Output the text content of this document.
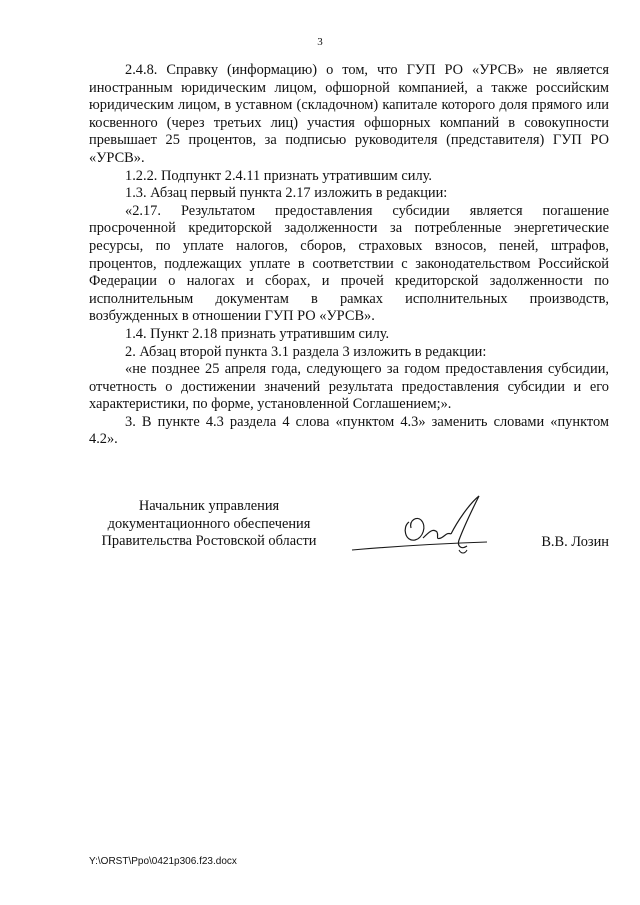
3

2.4.8. Справку (информацию) о том, что ГУП РО «УРСВ» не является иностранным юридическим лицом, офшорной компанией, а также российским юридическим лицом, в уставном (складочном) капитале которого доля прямого или косвенного (через третьих лиц) участия офшорных компаний в совокупности превышает 25 процентов, за подписью руководителя (представителя) ГУП РО «УРСВ».

1.2.2. Подпункт 2.4.11 признать утратившим силу.

1.3. Абзац первый пункта 2.17 изложить в редакции:

«2.17. Результатом предоставления субсидии является погашение просроченной кредиторской задолженности за потребленные энергетические ресурсы, по уплате налогов, сборов, страховых взносов, пеней, штрафов, процентов, подлежащих уплате в соответствии с законодательством Российской Федерации о налогах и сборах, и прочей кредиторской задолженности по исполнительным документам в рамках исполнительных производств, возбужденных в отношении ГУП РО «УРСВ».

1.4. Пункт 2.18 признать утратившим силу.

2. Абзац второй пункта 3.1 раздела 3 изложить в редакции:

«не позднее 25 апреля года, следующего за годом предоставления субсидии, отчетность о достижении значений результата предоставления субсидии и его характеристики, по форме, установленной Соглашением;».

3. В пункте 4.3 раздела 4 слова «пунктом 4.3» заменить словами «пунктом 4.2».

Начальник управления
документационного обеспечения
Правительства Ростовской области	В.В. Лозин
Y:\ORST\Ppo\0421p306.f23.docx
